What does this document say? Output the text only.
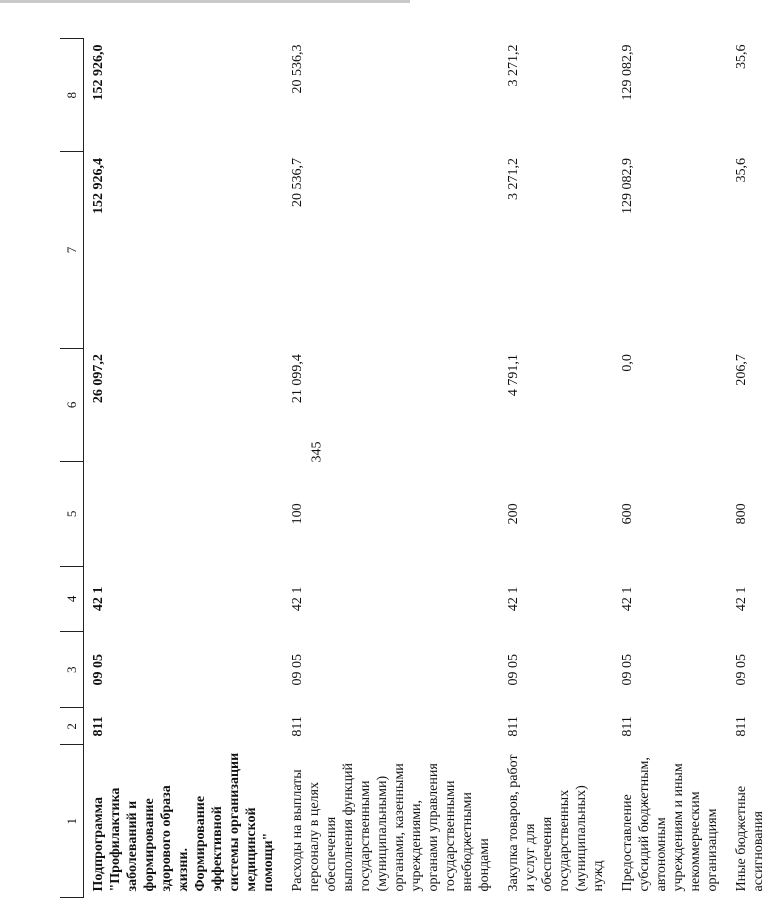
345
1	2	3	4	5	6	7	8
Подпрограмма "Профилактика заболеваний и формирование здорового образа жизни. Формирование эффективной системы организации медицинской помощи"	811	09 05	42 1		26 097,2	152 926,4	152 926,0
Расходы на выплаты персоналу в целях обеспечения выполнения функций государственными (муниципальными) органами, казенными учреждениями, органами управления государственными внебюджетными фондами	811	09 05	42 1	100	21 099,4	20 536,7	20 536,3
Закупка товаров, работ и услуг для обеспечения государственных (муниципальных) нужд	811	09 05	42 1	200	4 791,1	3 271,2	3 271,2
Предоставление субсидий бюджетным, автономным учреждениям и иным некоммерческим организациям	811	09 05	42 1	600	0,0	129 082,9	129 082,9
Иные бюджетные ассигнования	811	09 05	42 1	800	206,7	35,6	35,6
